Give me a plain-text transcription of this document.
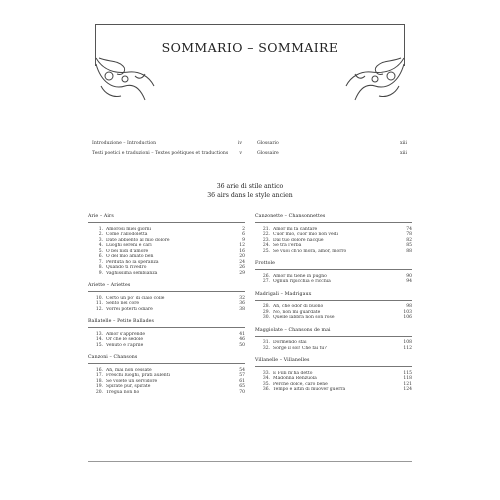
SOMMARIO – SOMMAIRE
Introduzione – Introduction	iv
Testi poetici e traduzioni – Textes poétiques et traductions v
Glossario	xiii
Glossaire	xiii
36 arie di stile antico
36 airs dans le style ancien
Arie – Airs
1. Amorosi miei giorni	2
2. Come l'allodoletta	6
3. Date abbiento al mio dolore	9
4. Luoghi sereni e cari	12
5. O bei nidi d'amore	16
6. O del mio amato ben	20
7. Perduta ho la speranza	24
8. Quando ti rivedrò	26
9. Vaghissima sembianza	29
Ariette – Ariettes
10. Certo un po' di ciaio colle	32
11. Sento nel core	36
12. Vorrei poterti odiare	38
Ballatelle – Petite Ballades
13. Amor s'apprende	41
14. Or che le sédole	46
15. Venuto è l'aprile	50
Canzoni – Chansons
16. Ah, mai non cessate	54
17. Freschi luoghi, prati aulenti	57
18. Se volete un servidore	61
19. Spirate pur, spirate	65
20. Tregua non ho	70
Canzonette – Chansonnettes
21. Amor mi fa cantare	74
22. Cuor mio, cuor mio non vedi	78
23. Dal tuo dolore nacque	82
24. Se tra l'erba	85
25. Se vuoi ch'io mora, amor, morrò	88
Frottole
26. Amor mi tiene in pugno	90
27. Ognun ripicchia e ricchia	94
Madrigali – Madrigaux
28. Ah, che odor di buono	98
29. No, non mi guardate	103
30. Quelle labbra non son rose	106
Maggiolate – Chansons de mai
31. Dormendo stai	108
32. Sorge il sol! Che fai tu?	112
Villanelle – Villanelles
33. E Filli m'ha detto	115
34. Madonna Renzuola	118
35. Perché dolce, caro bene	121
36. Tempo è altin di muover guerra	124
